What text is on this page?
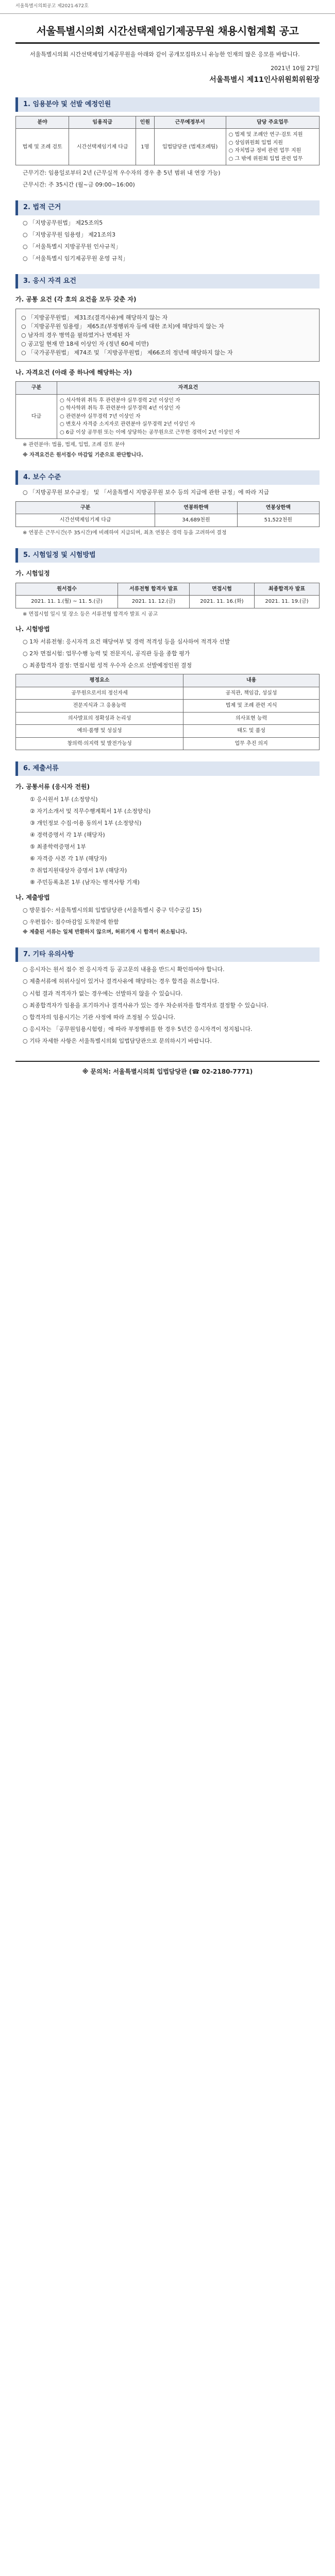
서울특별시의회공고 제2021-672호
서울특별시의회 시간선택제임기제공무원 채용시험계획 공고
서울특별시의회 시간선택제임기제공무원을 아래와 같이 공개모집하오니 유능한 인재의 많은 응모를 바랍니다.
2021년 10월 27일
서울특별시 제11인사위원회위원장
1. 임용분야 및 선발 예정인원
분야	임용직급	인원	근무예정부서	담당 주요업무
법제 및 조례 검토	시간선택제임기제 다급	1명	입법담당관 (법제조례팀)	○ 법제 및 조례안 연구·검토 지원
○ 상임위원회 입법 지원
○ 자치법규 정비 관련 업무 지원
○ 그 밖에 위원회 입법 관련 업무
근무기간: 임용일로부터 2년 (근무실적 우수자의 경우 총 5년 범위 내 연장 가능)
근무시간: 주 35시간 (월~금 09:00~16:00)
2. 법적 근거
○ 「지방공무원법」 제25조의5
○ 「지방공무원 임용령」 제21조의3
○ 「서울특별시 지방공무원 인사규칙」
○ 「서울특별시 임기제공무원 운영 규칙」
3. 응시 자격 요건
가. 공통 요건 (각 호의 요건을 모두 갖춘 자)
○ 「지방공무원법」 제31조(결격사유)에 해당하지 않는 자
○ 「지방공무원 임용령」 제65조(부정행위자 등에 대한 조치)에 해당하지 않는 자
○ 남자의 경우 병역을 필하였거나 면제된 자
○ 공고일 현재 만 18세 이상인 자 (정년 60세 미만)
○ 「국가공무원법」 제74조 및 「지방공무원법」 제66조의 정년에 해당하지 않는 자
나. 자격요건 (아래 중 하나에 해당하는 자)
구분	자격요건
다급	○ 석사학위 취득 후 관련분야 실무경력 2년 이상인 자
○ 학사학위 취득 후 관련분야 실무경력 4년 이상인 자
○ 관련분야 실무경력 7년 이상인 자
○ 변호사 자격증 소지자로 관련분야 실무경력 2년 이상인 자
○ 6급 이상 공무원 또는 이에 상당하는 공무원으로 근무한 경력이 2년 이상인 자
※ 관련분야: 법률, 법제, 입법, 조례 검토 분야
※ 자격요건은 원서접수 마감일 기준으로 판단합니다.
4. 보수 수준
○ 「지방공무원 보수규정」 및 「서울특별시 지방공무원 보수 등의 지급에 관한 규정」에 따라 지급
구분	연봉하한액	연봉상한액
시간선택제임기제 다급	34,689천원	51,522천원
※ 연봉은 근무시간(주 35시간)에 비례하여 지급되며, 최초 연봉은 경력 등을 고려하여 결정
5. 시험일정 및 시험방법
가. 시험일정
원서접수	서류전형 합격자 발표	면접시험	최종합격자 발표
2021. 11. 1.(월) ~ 11. 5.(금)	2021. 11. 12.(금)	2021. 11. 16.(화)	2021. 11. 19.(금)
※ 면접시험 일시 및 장소 등은 서류전형 합격자 발표 시 공고
나. 시험방법
○ 1차 서류전형: 응시자격 요건 해당여부 및 경력 적격성 등을 심사하여 적격자 선발
○ 2차 면접시험: 업무수행 능력 및 전문지식, 공직관 등을 종합 평가
○ 최종합격자 결정: 면접시험 성적 우수자 순으로 선발예정인원 결정
평정요소	내용
공무원으로서의 정신자세	공직관, 책임감, 성실성
전문지식과 그 응용능력	법제 및 조례 관련 지식
의사발표의 정확성과 논리성	의사표현 능력
예의·품행 및 성실성	태도 및 품성
창의력·의지력 및 발전가능성	업무 추진 의지
6. 제출서류
가. 공통서류 (응시자 전원)
① 응시원서 1부 (소정양식)
② 자기소개서 및 직무수행계획서 1부 (소정양식)
③ 개인정보 수집·이용 동의서 1부 (소정양식)
④ 경력증명서 각 1부 (해당자)
⑤ 최종학력증명서 1부
⑥ 자격증 사본 각 1부 (해당자)
⑦ 취업지원대상자 증명서 1부 (해당자)
⑧ 주민등록초본 1부 (남자는 병적사항 기재)
나. 제출방법
○ 방문접수: 서울특별시의회 입법담당관 (서울특별시 중구 덕수궁길 15)
○ 우편접수: 접수마감일 도착분에 한함
※ 제출된 서류는 일체 반환하지 않으며, 허위기재 시 합격이 취소됩니다.
7. 기타 유의사항
○ 응시자는 원서 접수 전 응시자격 등 공고문의 내용을 반드시 확인하여야 합니다.
○ 제출서류에 허위사실이 있거나 결격사유에 해당하는 경우 합격을 취소합니다.
○ 시험 결과 적격자가 없는 경우에는 선발하지 않을 수 있습니다.
○ 최종합격자가 임용을 포기하거나 결격사유가 있는 경우 차순위자를 합격자로 결정할 수 있습니다.
○ 합격자의 임용시기는 기관 사정에 따라 조정될 수 있습니다.
○ 응시자는 「공무원임용시험령」에 따라 부정행위를 한 경우 5년간 응시자격이 정지됩니다.
○ 기타 자세한 사항은 서울특별시의회 입법담당관으로 문의하시기 바랍니다.
※ 문의처: 서울특별시의회 입법담당관 (☎ 02-2180-7771)
